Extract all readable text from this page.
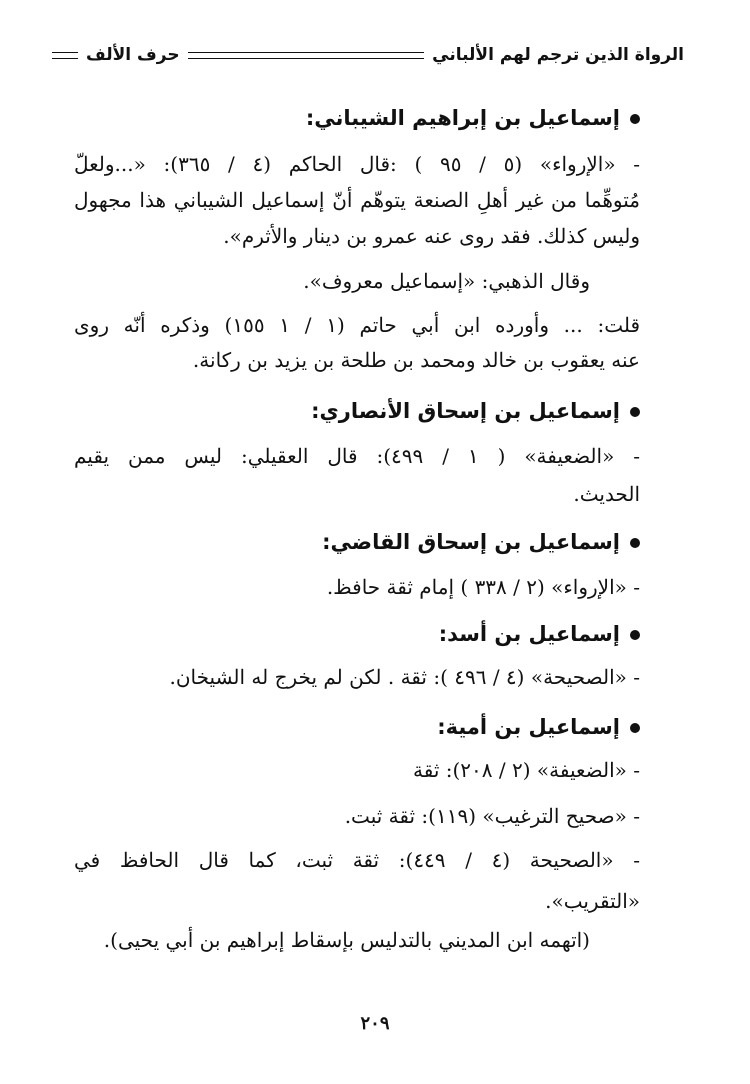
الرواة الذين ترجم لهم الألباني
حرف الألف
إسماعيل بن إبراهيم الشيباني:
- «الإرواء» (٥ / ٩٥ ) :قال الحاكم (٤ / ٣٦٥): «...ولعلّ
مُتوهِّما من غير أهلِ الصنعة يتوهّم أنّ إسماعيل الشيباني هذا مجهول
وليس كذلك. فقد روى عنه عمرو بن دينار والأثرم».
وقال الذهبي: «إسماعيل معروف».
قلت: ... وأورده ابن أبي حاتم (١ / ١ ١٥٥) وذكره أنّه روى
عنه يعقوب بن خالد ومحمد بن طلحة بن يزيد بن ركانة.
إسماعيل بن إسحاق الأنصاري:
- «الضعيفة» ( ١ / ٤٩٩): قال العقيلي: ليس ممن يقيم
الحديث.
إسماعيل بن إسحاق القاضي:
- «الإرواء» (٢ / ٣٣٨ ) إمام ثقة حافظ.
إسماعيل بن أسد:
- «الصحيحة» (٤ / ٤٩٦ ): ثقة . لكن لم يخرج له الشيخان.
إسماعيل بن أمية:
- «الضعيفة» (٢ / ٢٠٨): ثقة
- «صحيح الترغيب» (١١٩): ثقة ثبت.
- «الصحيحة (٤ / ٤٤٩): ثقة ثبت، كما قال الحافظ في
«التقريب».
(اتهمه ابن المديني بالتدليس بإسقاط إبراهيم بن أبي يحيى).
٢٠٩
